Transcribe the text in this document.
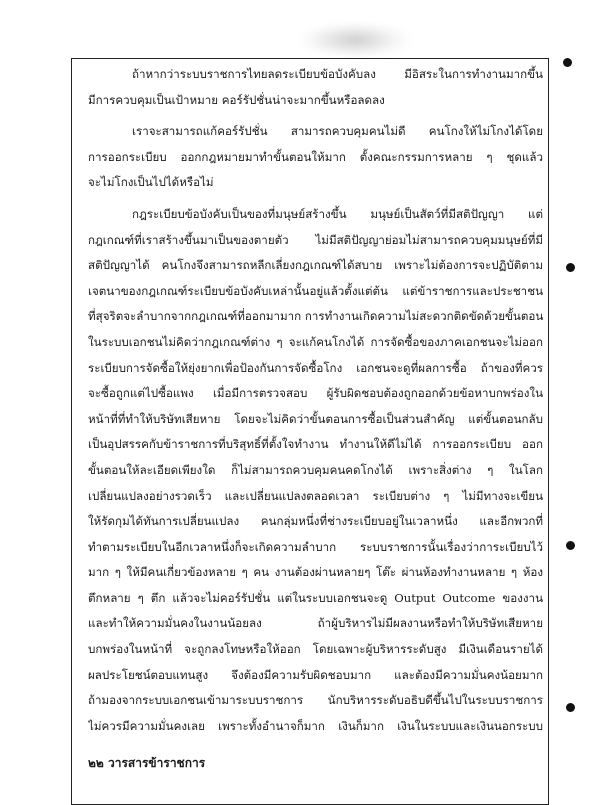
ถ้าหากว่าระบบราชการไทยลดระเบียบข้อบังคับลง มีอิสระในการทำงานมากขึ้น
มีการควบคุมเป็นเป้าหมาย คอร์รัปชั่นน่าจะมากขึ้นหรือลดลง
เราจะสามารถแก้คอร์รัปชั่น สามารถควบคุมคนไม่ดี คนโกงให้ไม่โกงได้โดย
การออกระเบียบ ออกกฎหมายมาทำขั้นตอนให้มาก ตั้งคณะกรรมการหลาย ๆ ชุดแล้ว
จะไม่โกงเป็นไปได้หรือไม่
กฎระเบียบข้อบังคับเป็นของที่มนุษย์สร้างขึ้น มนุษย์เป็นสัตว์ที่มีสติปัญญา แต่
กฎเกณฑ์ที่เราสร้างขึ้นมาเป็นของตายตัว ไม่มีสติปัญญาย่อมไม่สามารถควบคุมมนุษย์ที่มี
สติปัญญาได้ คนโกงจึงสามารถหลีกเลี่ยงกฎเกณฑ์ได้สบาย เพราะไม่ต้องการจะปฏิบัติตาม
เจตนาของกฎเกณฑ์ระเบียบข้อบังคับเหล่านั้นอยู่แล้วตั้งแต่ต้น แต่ข้าราชการและประชาชน
ที่สุจริตจะลำบากจากกฎเกณฑ์ที่ออกมามาก การทำงานเกิดความไม่สะดวกติดขัดด้วยขั้นตอน
ในระบบเอกชนไม่คิดว่ากฎเกณฑ์ต่าง ๆ จะแก้คนโกงได้ การจัดซื้อของภาคเอกชนจะไม่ออก
ระเบียบการจัดซื้อให้ยุ่งยากเพื่อป้องกันการจัดซื้อโกง เอกชนจะดูที่ผลการซื้อ ถ้าของที่ควร
จะซื้อถูกแต่ไปซื้อแพง เมื่อมีการตรวจสอบ ผู้รับผิดชอบต้องถูกออกด้วยข้อหาบกพร่องใน
หน้าที่ที่ทำให้บริษัทเสียหาย โดยจะไม่คิดว่าขั้นตอนการซื้อเป็นส่วนสำคัญ แต่ขั้นตอนกลับ
เป็นอุปสรรคกับข้าราชการที่บริสุทธิ์ที่ตั้งใจทำงาน ทำงานให้ดีไม่ได้ การออกระเบียบ ออก
ขั้นตอนให้ละเอียดเพียงใด ก็ไม่สามารถควบคุมคนคดโกงได้ เพราะสิ่งต่าง ๆ ในโลก
เปลี่ยนแปลงอย่างรวดเร็ว และเปลี่ยนแปลงตลอดเวลา ระเบียบต่าง ๆ ไม่มีทางจะเขียน
ให้รัดกุมได้ทันการเปลี่ยนแปลง คนกลุ่มหนึ่งที่ช่างระเบียบอยู่ในเวลาหนึ่ง และอีกพวกที่
ทำตามระเบียบในอีกเวลาหนึ่งก็จะเกิดความลำบาก ระบบราชการนั้นเรื่องว่าการะเบียบไว้
มาก ๆ ให้มีคนเกี่ยวข้องหลาย ๆ คน งานต้องผ่านหลายๆ โต๊ะ ผ่านห้องทำงานหลาย ๆ ห้อง
ตึกหลาย ๆ ตึก แล้วจะไม่คอร์รัปชั่น แต่ในระบบเอกชนจะดู Output Outcome ของงาน
และทำให้ความมั่นคงในงานน้อยลง ถ้าผู้บริหารไม่มีผลงานหรือทำให้บริษัทเสียหาย
บกพร่องในหน้าที่ จะถูกลงโทษหรือให้ออก โดยเฉพาะผู้บริหารระดับสูง มีเงินเดือนรายได้
ผลประโยชน์ตอบแทนสูง จึงต้องมีความรับผิดชอบมาก และต้องมีความมั่นคงน้อยมาก
ถ้ามองจากระบบเอกชนเข้ามาระบบราชการ นักบริหารระดับอธิบดีขึ้นไปในระบบราชการ
ไม่ควรมีความมั่นคงเลย เพราะทั้งอำนาจก็มาก เงินก็มาก เงินในระบบและเงินนอกระบบ
๒๒ วารสารข้าราชการ
